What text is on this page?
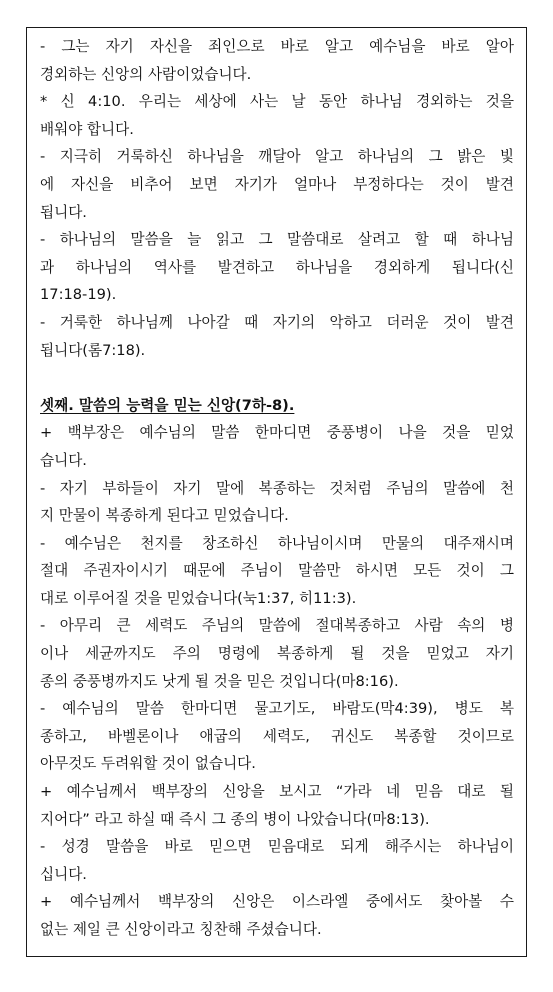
- 그는 자기 자신을 죄인으로 바로 알고 예수님을 바로 알아
경외하는 신앙의 사람이었습니다.
* 신 4:10. 우리는 세상에 사는 날 동안 하나님 경외하는 것을
배워야 합니다.
- 지극히 거룩하신 하나님을 깨달아 알고 하나님의 그 밝은 빛
에 자신을 비추어 보면 자기가 얼마나 부정하다는 것이 발견
됩니다.
- 하나님의 말씀을 늘 읽고 그 말씀대로 살려고 할 때 하나님
과 하나님의 역사를 발견하고 하나님을 경외하게 됩니다(신
17:18-19).
- 거룩한 하나님께 나아갈 때 자기의 악하고 더러운 것이 발견
됩니다(롬7:18).
셋째. 말씀의 능력을 믿는 신앙(7하-8).
+ 백부장은 예수님의 말씀 한마디면 중풍병이 나을 것을 믿었
습니다.
- 자기 부하들이 자기 말에 복종하는 것처럼 주님의 말씀에 천
지 만물이 복종하게 된다고 믿었습니다.
- 예수님은 천지를 창조하신 하나님이시며 만물의 대주재시며
절대 주권자이시기 때문에 주님이 말씀만 하시면 모든 것이 그
대로 이루어질 것을 믿었습니다(눅1:37, 히11:3).
- 아무리 큰 세력도 주님의 말씀에 절대복종하고 사람 속의 병
이나 세균까지도 주의 명령에 복종하게 될 것을 믿었고 자기
종의 중풍병까지도 낫게 될 것을 믿은 것입니다(마8:16).
- 예수님의 말씀 한마디면 물고기도, 바람도(막4:39), 병도 복
종하고, 바벨론이나 애굽의 세력도, 귀신도 복종할 것이므로
아무것도 두려워할 것이 없습니다.
+ 예수님께서 백부장의 신앙을 보시고 “가라 네 믿음 대로 될
지어다” 라고 하실 때 즉시 그 종의 병이 나았습니다(마8:13).
- 성경 말씀을 바로 믿으면 믿음대로 되게 해주시는 하나님이
십니다.
+ 예수님께서 백부장의 신앙은 이스라엘 중에서도 찾아볼 수
없는 제일 큰 신앙이라고 칭찬해 주셨습니다.
